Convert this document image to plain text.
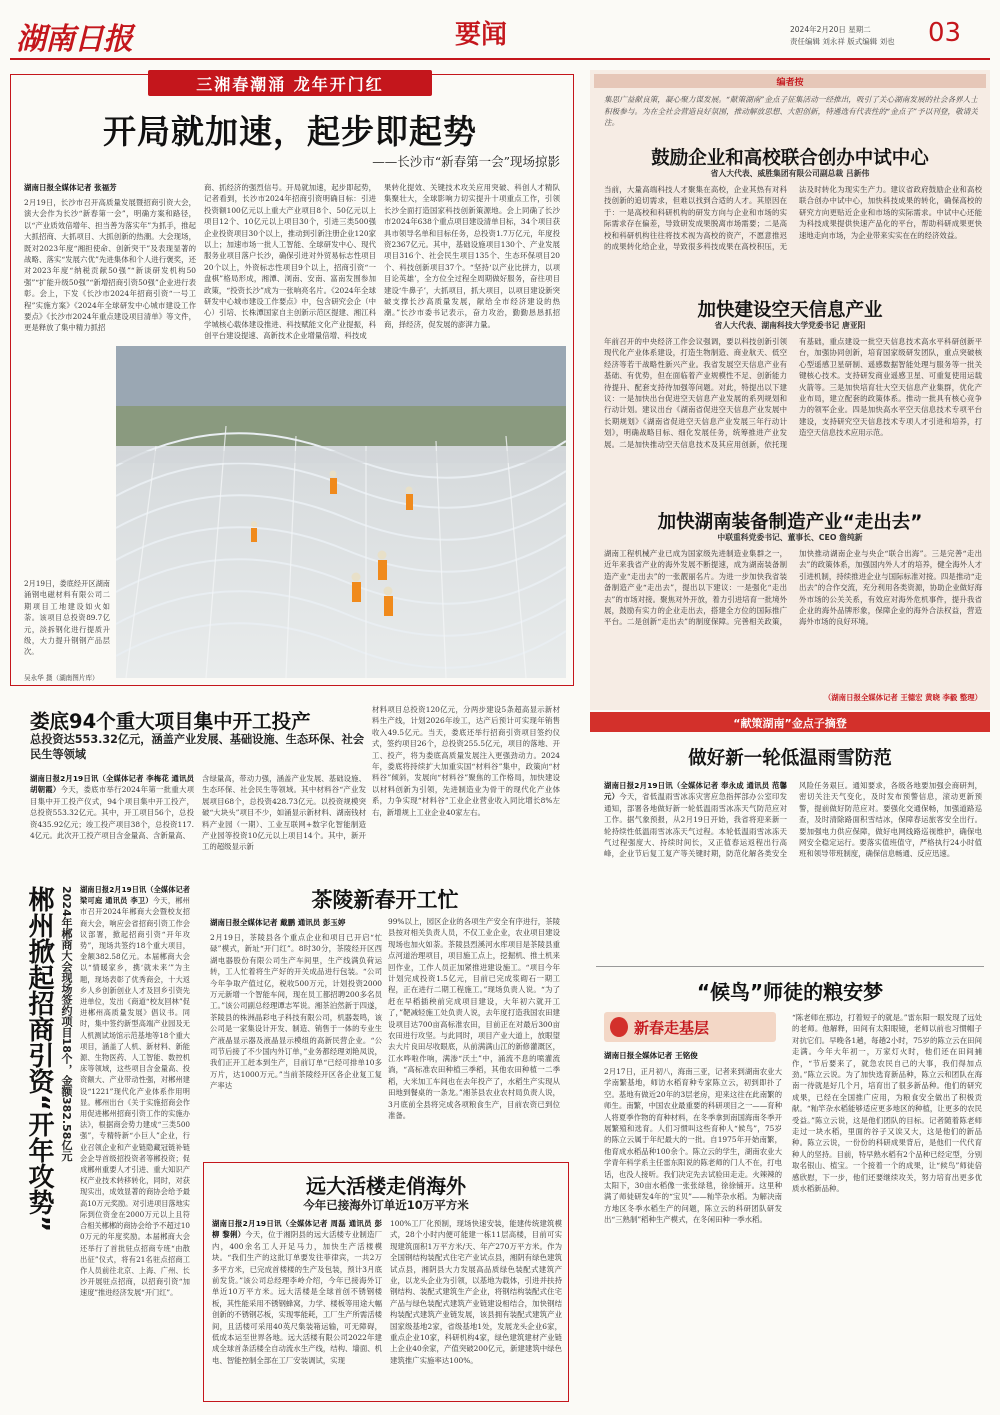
湖南日报	要闻	2024年2月20日 星期二
责任编辑 刘永祥 版式编辑 刘也 03
三湘春潮涌 龙年开门红
开局就加速，起步即起势
——长沙市“新春第一会”现场掠影
湖南日报全媒体记者 张福芳
2月19日，长沙市召开高质量发展暨招商引资大会，演大会作为长沙“新春第一会”，明确方案和路径，以“产业质效倍增年、担当善为落实年”为抓手，推起大抓招商、大抓项目、大抓创新的热潮。大会现场，既对2023年度“湘担使命、创新突干”及表现显著的战略、落实“发展六优”先进集体和个人进行褒奖，还对2023年度“纳税贡献50强”“新谈研发机构50强”“扩能升级50强”“新增招商引资50强”企业进行表彰。会上，下发《长沙市2024年招商引资“一号工程”实施方案》《2024年全球研发中心城市建设工作要点》《长沙市2024年重点建设项目清单》等文件，更是释放了集中精力抓招
商、抓经济的强烈信号。开局就加速，起步即起势，记者看到，长沙市2024年招商引资明确目标：引进投资额100亿元以上重大产业项目8个、50亿元以上项目12个、10亿元以上项目30个，引进三类500强企业投资项目30个以上，推动到引新注册企业120家以上；加速市场一批人工智能、全球研发中心、现代服务业项目落户长沙，确保引进对外贸易标志性项目20个以上，外资标志性项目9个以上，招商引资“一盘棋”格局形成，湘潭、浏南、安南、富南发围参加政策，“投资长沙”成为一张响亮名片。《2024年全球研发中心城市建设工作要点》中，包含研究会企（中心）引培、长株潭国家自主创新示范区提建、湘江科学城核心载体建设推进、科技赋能文化产业提振，科创平台建设提速、高新技术企业增量倍增、科技成
果转化提效、关键技术攻关应用突破、科创人才精队集聚壮大，全球影响力切实提升十项重点工作，引领长沙全面打造国家科技创新策源地。会上同确了长沙市2024年638个重点项目建设清单目标，34个项目获具市领导名单和目标任务，总投资1.7万亿元，年度投资2367亿元。其中，基础设施项目130个、产业发展项目316个、社会民生项目135个、生态环保项目20个、科技创新项目37个。“坚持‘以产业比拼力，以项目论英雄’，全方位全过程全周期做好服务，奋往项目建设‘牛鼻子’，大抓项目，抓大项目，以项目建设新突破支撑长沙高质量发展，献给全市经济建设的热潮。”长沙市委书记表示，奋力攻治，勤勤恳恳抓招商，择经济，促发展的澎湃力量。
2月19日，娄底经开区湖南涌钢电磁材料有限公司二期项目工地建设如火如荼。该项目总投资89.7亿元，淡拆钢化进行提质升级，大力提升钢钢产品层次。
吴永华 摄（湖南图片库）
娄底94个重大项目集中开工投产
总投资达553.32亿元，涵盖产业发展、基础设施、生态环保、社会民生等领域
湖南日报2月19日讯（全媒体记者 李梅花 通讯员 胡朝霞）今天，娄底市举行2024年第一批重大项目集中开工投产仪式，94个项目集中开工投产，总投资553.32亿元。其中，开工项目56个，总投资435.92亿元；竣工投产项目38个，总投资117.4亿元。此次开工投产项目含金量高、含新量高、
含绿量高，带动力强，涵盖产业发展、基础设施、生态环保、社会民生等领域。其中材料谷“产业发展项目68个，总投资428.73亿元。以投资规模突破“大块头”项目不少，如涌显示新材料、湖南钱材料产业园（一期）、工业互联网+数字化智能制造产业园等投资10亿元以上项目14个。其中，新开工的超级显示新
材料项目总投资120亿元，分两步建设5条超高显示新材料生产线，计划2026年竣工，达产后预计可实现年销售收入49.5亿元。当天，娄底还举行招商引资项目签约仪式，签约项目26个，总投资255.5亿元，项目的落地、开工、投产，将为娄底高质量发展注入更强劲动力。2024年，娄底将持续扩大加重实国“材料谷”集中，政策向“材料谷”倾斜，发展向“材料谷”聚焦的工作格局，加快建设以材料创新为引领，先进制造业为骨干的现代化产业体系，力争实现“材料谷”工业企业营业收入同比增长8%左右，新增规上工业企业40家左右。
郴州掀起招商引资“开年攻势” 2024年郴商大会现场签约项目18个，金额382.58亿元 湖南日报2月19日讯（全媒体记者 梁可庭 通讯员 李卫）今天，郴州市召开2024年郴商大会暨校友招商大会，响应会省招商引资工作会议部署，掀起招商引资“开年攻势”，现场共签约18个重大项目，金额382.58亿元。本届郴商大会以“情暖家乡，携‘就未来’”为主题，现场表彰了优秀商会，十大返乡人乡创新创业人才及回乡引资先进单位，发出《商道“校友回林”促进郴州高质量发展》倡议书。同时，集中签约新型高端产业园及无人机测试场馆示范基地等18个重大项目，涵盖了人机、新材料、新能源、生物医药、人工智能、数控机床等领域，这些项目含金量高、投资额大、产业带动性强，对郴州建设“1221”现代化产业体系作用明显。郴州出台《关于实施招商会作用促进郴州招商引资工作的实施办法》，根据商会势力建成“三类500强”，专精特新“小巨人”企业，行业召领企业和产业链隐藏冠链补链会企导首级招投资者等郴投资；促成郴州重要人才引进、重大知识产权产业技术转移转化，同时，对获现实出，成效显著的商协会给予最高10万元奖励。对引进项目落地实际到位资金在2000万元以上且符合相关郴郴的商协会给予不超过100万元的年度奖励。本届郴商大会还举行了首批驻点招商专班“由散出征”仪式，将有21名驻点招商工作人员前往北京、上海、广州、长沙开展驻点招商，以招商引资“加速度”推进经济发展“开门红”。
茶陵新春开工忙
湖南日报全媒体记者 戴鹏 通讯员 彭玉婷
2月19日，茶陵县各个重点企业和项目已开启“忙碌”模式，新址“开门红”。8时30分，茶陵经开区西湖电器股份有限公司生产车间里，生产线满负荷运转，工人忙着将生产好的开关成品进行包装。“公司今年争取产值过亿，税收500万元，计划投资2000万元新增一个智能车间，现在员工都招聘200多名员工。”该公司副总经理谭志军说。湘茶泊然新于四遂，茶陵县的株洲晶彩电子科技有限公司，机器轰鸣，该公司是一家集设计开发、制造、销售于一体的专业生产液晶显示器及液晶显示模组的高新民营企业。“公司节后接了不少国内外订单，”业务都经理刘艳凤说，我们正开工赶本到生产，目前订单“已经可排单10多万片，达1000万元。”当前茶陵经开区各企业复工复产率达
99%以上，园区企业的各项生产安全有序进行，茶陵县按对相关负责人员，不仅工业企业，农业项目建设现场也加火如荼。茶陵县烈溪河水库项目是茶陵县重点河道治理项目，项目施工点上，挖掘机、推土机来回作业，工作人员正加紧推进建设施工。“项目今年计划完成投资1.5亿元，目前已完成浆砌石一期工程，正在进行二期工程施工。”现场负责人说。“为了赶在早稻插秧前完成项目建设，大年初六就开工了，”靶减轻施工处负责人说，去年度打造我国农田建设项目达700亩高标准农田，目前正在对最后300亩农田进行攻坚。与此同时，项目产业大道上，放眼望去大片良田尽收眼底，从前满满山江的新修灌溉区，江水哗啦作响，满渗“沃土”中，涌流不息的喷灌流淌，“高标准农田种植三季稻，其他农田种植一二季稻，大米加工车间也在去年投产了，水稻生产实现从田地到餐桌的一条龙。”湘茶县农业农村局负责人说，3月底前全县将完成各项粮食生产，目前农资已到位准备。
远大活楼走俏海外
今年已接海外订单近10万平方米
湖南日报2月19日讯（全媒体记者 周磊 通讯员 彭柳 黎俐）今天，位于湘阴县的远大活楼专业制造厂内，400余名工人开足马力，加快生产活楼模块。“我们生产的这批订单要发往菲律宾，一共2万多平方米，已完成首楼楼的生产及包装，预计3月底前发货。”该公司总经理李岭介绍，今年已接海外订单近10万平方米。远大活楼是全球首创不锈钢楼板，其性能采用不锈钢蜂窝，力学、楼板等用途大幅创新的不锈钢芯板，实现零能耗，工厂生产所需活楼间，且活楼可采用40英尺集装箱运输，可无障碍，低成本运至世界各地。远大活楼有限公司2022年建成全球首条活楼全自动流水生产线，结构、墙面、机电、智能控制全部在工厂安装调试，实现
100%工厂化预制，现场快速安装，能建传统建筑模式，28个小时内便可能建一栋11层高楼，目前可实现建筑面积1万平方米/天、年产270万平方米。作为全国钢结构装配式住宅产业试点县，湘阴有绿色建筑试点县，湘阴县大力发展高品质绿色装配式建筑产业，以龙头企业为引领，以基地为载体，引进并扶持钢结构、装配式建筑生产企业，将钢结构装配式住宅产品与绿色装配式建筑产业链建设相结合，加快钢结构装配式建筑产业链发展，该县拥有装配式建筑产业国家级基地2家，省级基地1处，发展龙头企业6家，重点企业10家，科研机构4家，绿色建筑建材产业链上企业40余家，产值突破200亿元，新建建筑中绿色建筑推广实施率达100%。
编者按
集思广益献良策，凝心聚力谋发展。“献策湖南”金点子征集活动一经推出，吸引了关心湖南发展的社会各界人士积极参与。为在全社会营造良好氛围，推动解放思想、大胆创新，特遴选有代表性的“金点子”予以刊登，敬请关注。
鼓励企业和高校联合创办中试中心
省人大代表、威胜集团有限公司副总裁 吕新伟
当前，大量高端科技人才聚集在高校，企业其热有对科技创新的追切需求，但难以找到合适的人才。其原因在于：一是高校和科研机构的研发方向与企业和市场的实际需求存在偏差，导致研发成果脱离市场需要；二是高校和科研机构往往将技术视为高校的资产，不愿意推迟的成果转化给企业，导致很多科技成果在高校积压，无法及时转化为现实生产力。建议省政府鼓励企业和高校联合创办中试中心，加快科技成果的转化，确保高校的研究方向更贴近企业和市场的实际需求。中试中心还能为科技成果提供快速产品化的平台，帮助科研成果更快速地走向市场，为企业带来实实在在的经济效益。
加快建设空天信息产业
省人大代表、湖南科技大学党委书记 唐亚阳
年前召开的中央经济工作会议强调，要以科技创新引领现代化产业体系建设，打造生物制造、商业航天、低空经济等若干战略性新兴产业。我省发展空天信息产业有基础、有优势，但在面临着产业规模性不足、创新能力待提升、配套支持待加强等问题。对此，特提出以下建议：一是加快出台促进空天信息产业发展的系列规划和行动计划。建议出台《湖南省促进空天信息产业发展中长期规划》《湖南省促进空天信息产业发展三年行动计划》，明确战略目标、细化发展任务，统筹推进产业发展。二是加快推动空天信息技术及其应用创新，依托现有基础，重点建设一批空天信息技术高水平科研创新平台，加强协同创新，培育国家级研发团队，重点突破核心型遥感卫星研制、遥感数据智能处理与服务等一批关键核心技术。支持研发商业遥感卫星、可重复使用运载火箭等。三是加快培育壮大空天信息产业集群，优化产业布局，建立配套的政策体系。推动一批具有核心竞争力的领军企业。四是加快高水平空天信息技术专项平台建设，支持研究空天信息技术专项人才引进和培养，打造空天信息技术应用示范。
加快湖南装备制造产业“走出去”
中联重科党委书记、董事长、CEO 詹纯新
湖南工程机械产业已成为国家级先进制造业集群之一，近年来我省产业的海外发展不断提速，成为湖南装备制造产业“走出去”的一张靓丽名片。为进一步加快我省装备制造产业“走出去”，提出以下建议：一是强化“走出去”的市场对接。聚焦对外开放，着力引进培育一批境外展，鼓励有实力的企业走出去，搭建全方位的国际推广平台。二是创新“走出去”的制度保障。完善相关政策，加快推动湖南企业与央企“联合出海”。三是完善“走出去”的政策体系，加强国内外人才的培养，健全海外人才引进机制，持续推进企业与国际标准对接。四是推动“走出去”的合作交流，充分利用各类资源，协助企业做好海外市场的公关关系，有效应对海外危机事件，提升我省企业的海外品牌形象，保障企业的海外合法权益，营造海外市场的良好环境。
（湖南日报全媒体记者 王德宏 黄晓 李毅 整理）
“献策湖南”金点子摘登
做好新一轮低温雨雪防范
湖南日报2月19日讯（全媒体记者 奉永成 通讯员 范馨元）今天，省低温雨雪冰冻灾害应急指挥部办公室印发通知，部署各地做好新一轮低温雨雪冰冻天气防范应对工作。据气象预报，从2月19日开始，我省将迎来新一轮持续性低温雨雪冰冻天气过程。本轮低温雨雪冰冻天气过程强度大、持续时间长，又正值春运返程出行高峰，企业节后复工复产等关键时期，防范化解各类安全风险任务艰巨。通知要求，各级各地要加强会商研判，密切关注天气变化，及时发布预警信息，滚动更新预警，提前做好防范应对。要强化交通保畅，加强道路巡查，及时清除路面积雪结冰，保障春运旅客安全出行。要加强电力供应保障，做好电网线路巡视维护，确保电网安全稳定运行。要落实值班值守，严格执行24小时值班和领导带班制度，确保信息畅通、反应迅速。
“候鸟”师徒的粮安梦
新春走基层
湖南日报全媒体记者 王铭俊
2月17日，正月初八，海南三亚，记者来到湖南农业大学南繁基地，师访水稻育种专家陈立云，初到即扑了空。基地有做近20年的3层老房，迎来这往在此南繁的师生。南繁，中国农业最重要的科研项目之一——育种人将夏季作物的育种材料，在冬季拿到南国海南冬季开展繁殖和选育。人们习惯叫这些育种人“候鸟”，75岁的陈立云属于年纪最大的一批。自1975年开始南繁，他育成水稻品种100余个。陈立云的学生，湖南农业大学青年科学系主任雷东阳说的陈老师的门人不在，打电话，也没人接听。我们决定先去试验田走走。火辣辣的太阳下，30亩水稻像一张张绿毯，徐徐铺开。这里种满了师徒研发4年的“宝贝”——籼竿杂水稻。为解决南方地区冬季水稻生产的问题，陈立云的科研团队研发出“三熟制”稻种生产模式，在冬闲田种一季水稻。
“陈老师在那边，打着短子的就是。”雷东阳一眼发现了远处的老师。他解释，田间有太阳眼镜，老师以前也习惯帽子对抗它们。早晚各1趟，每趟2小时，75岁的陈立云在田间走满。今年大年初一，万家灯火时，他们还在田间捕作，“节后要来了，就急农民自己的大事，我们得加点劲。”陈立云说。为了加快选育新品种，陈立云和团队在海南一待就是好几个月，培育出了很多新品种。他们的研究成果，已经在全国推广应用，为粮食安全做出了积极贡献。“籼竿杂水稻能够适应更多地区的种植，让更多的农民受益。”陈立云说，这是他们团队的目标。记者随着陈老师走过一块水稻，里面的谷子又诶又大，这是他们的新品种。陈立云说，一份份的科研成果背后，是他们一代代育种人的坚持。目前，特早熟水稻有2个品种已经定型，分别取名银山、植宝。一个接着一个的成果，让“候鸟”师徒倍感欣慰，下一步，他们还要继续攻关，努力培育出更多优质水稻新品种。
